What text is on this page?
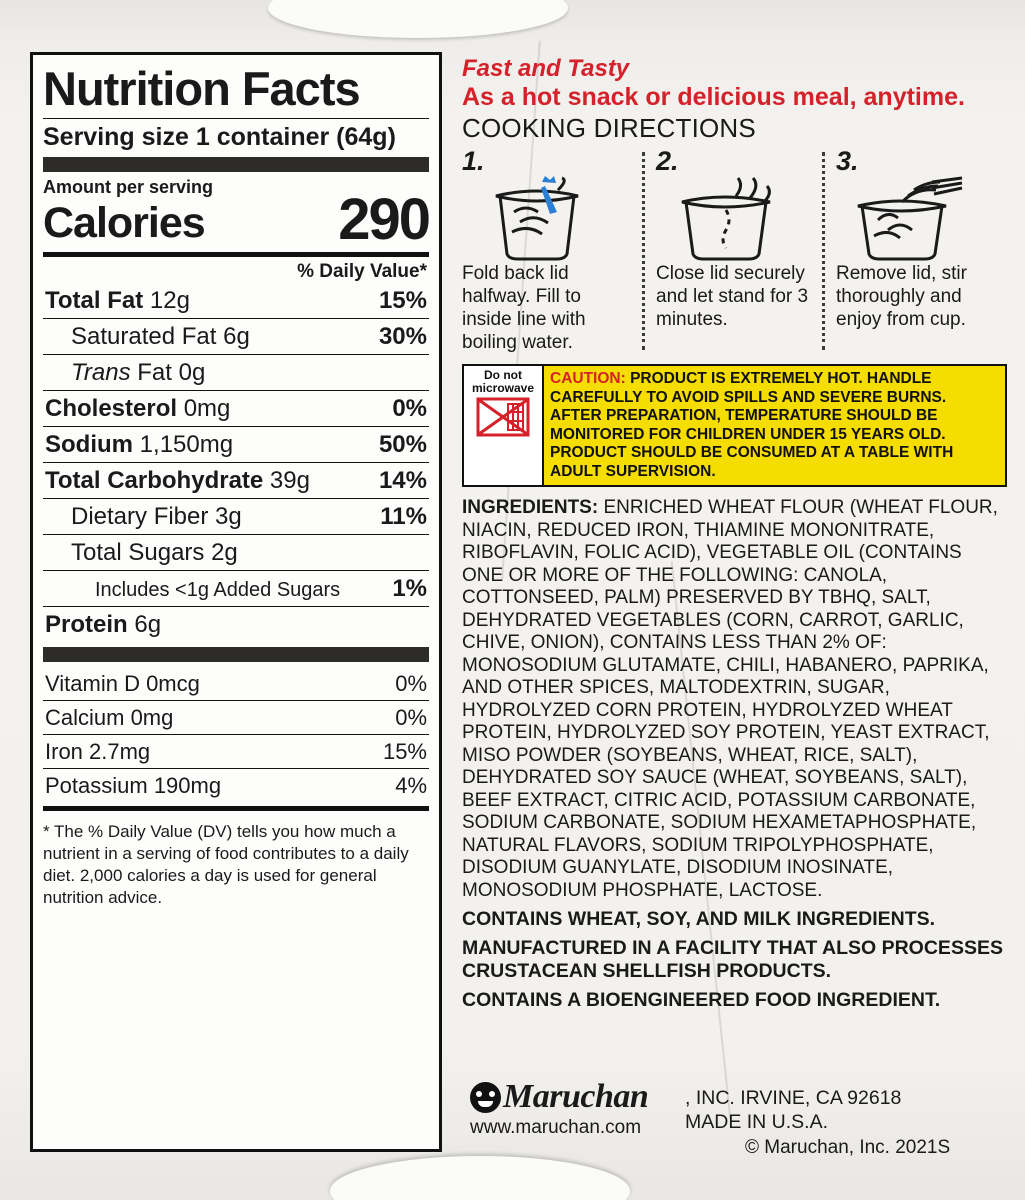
Nutrition Facts
Serving size 1 container (64g)
Amount per serving
Calories 290
% Daily Value*
Total Fat 12g	15%
Saturated Fat 6g	30%
Trans Fat 0g
Cholesterol 0mg	0%
Sodium 1,150mg	50%
Total Carbohydrate 39g	14%
Dietary Fiber 3g	11%
Total Sugars 2g
Includes <1g Added Sugars 1%
Protein 6g
Vitamin D 0mcg	0%
Calcium 0mg	0%
Iron 2.7mg	15%
Potassium 190mg	4%
* The % Daily Value (DV) tells you how much a nutrient in a serving of food contributes to a daily diet. 2,000 calories a day is used for general nutrition advice.
Fast and Tasty
As a hot snack or delicious meal, anytime.
COOKING DIRECTIONS
1.
Fold back lid halfway. Fill to inside line with boiling water.
2.
Close lid securely and let stand for 3 minutes.
3.
Remove lid, stir thoroughly and enjoy from cup.
Do not microwave
CAUTION: PRODUCT IS EXTREMELY HOT. HANDLE CAREFULLY TO AVOID SPILLS AND SEVERE BURNS. AFTER PREPARATION, TEMPERATURE SHOULD BE MONITORED FOR CHILDREN UNDER 15 YEARS OLD. PRODUCT SHOULD BE CONSUMED AT A TABLE WITH ADULT SUPERVISION.
INGREDIENTS: ENRICHED WHEAT FLOUR (WHEAT FLOUR, NIACIN, REDUCED IRON, THIAMINE MONONITRATE, RIBOFLAVIN, FOLIC ACID), VEGETABLE OIL (CONTAINS ONE OR MORE OF THE FOLLOWING: CANOLA, COTTONSEED, PALM) PRESERVED BY TBHQ, SALT, DEHYDRATED VEGETABLES (CORN, CARROT, GARLIC, CHIVE, ONION), CONTAINS LESS THAN 2% OF: MONOSODIUM GLUTAMATE, CHILI, HABANERO, PAPRIKA, AND OTHER SPICES, MALTODEXTRIN, SUGAR, HYDROLYZED CORN PROTEIN, HYDROLYZED WHEAT PROTEIN, HYDROLYZED SOY PROTEIN, YEAST EXTRACT, MISO POWDER (SOYBEANS, WHEAT, RICE, SALT), DEHYDRATED SOY SAUCE (WHEAT, SOYBEANS, SALT), BEEF EXTRACT, CITRIC ACID, POTASSIUM CARBONATE, SODIUM CARBONATE, SODIUM HEXAMETAPHOSPHATE, NATURAL FLAVORS, SODIUM TRIPOLYPHOSPHATE, DISODIUM GUANYLATE, DISODIUM INOSINATE, MONOSODIUM PHOSPHATE, LACTOSE.
CONTAINS WHEAT, SOY, AND MILK INGREDIENTS.
MANUFACTURED IN A FACILITY THAT ALSO PROCESSES CRUSTACEAN SHELLFISH PRODUCTS.
CONTAINS A BIOENGINEERED FOOD INGREDIENT.
Maruchan
www.maruchan.com
, INC. IRVINE, CA 92618
MADE IN U.S.A.
© Maruchan, Inc. 2021S
